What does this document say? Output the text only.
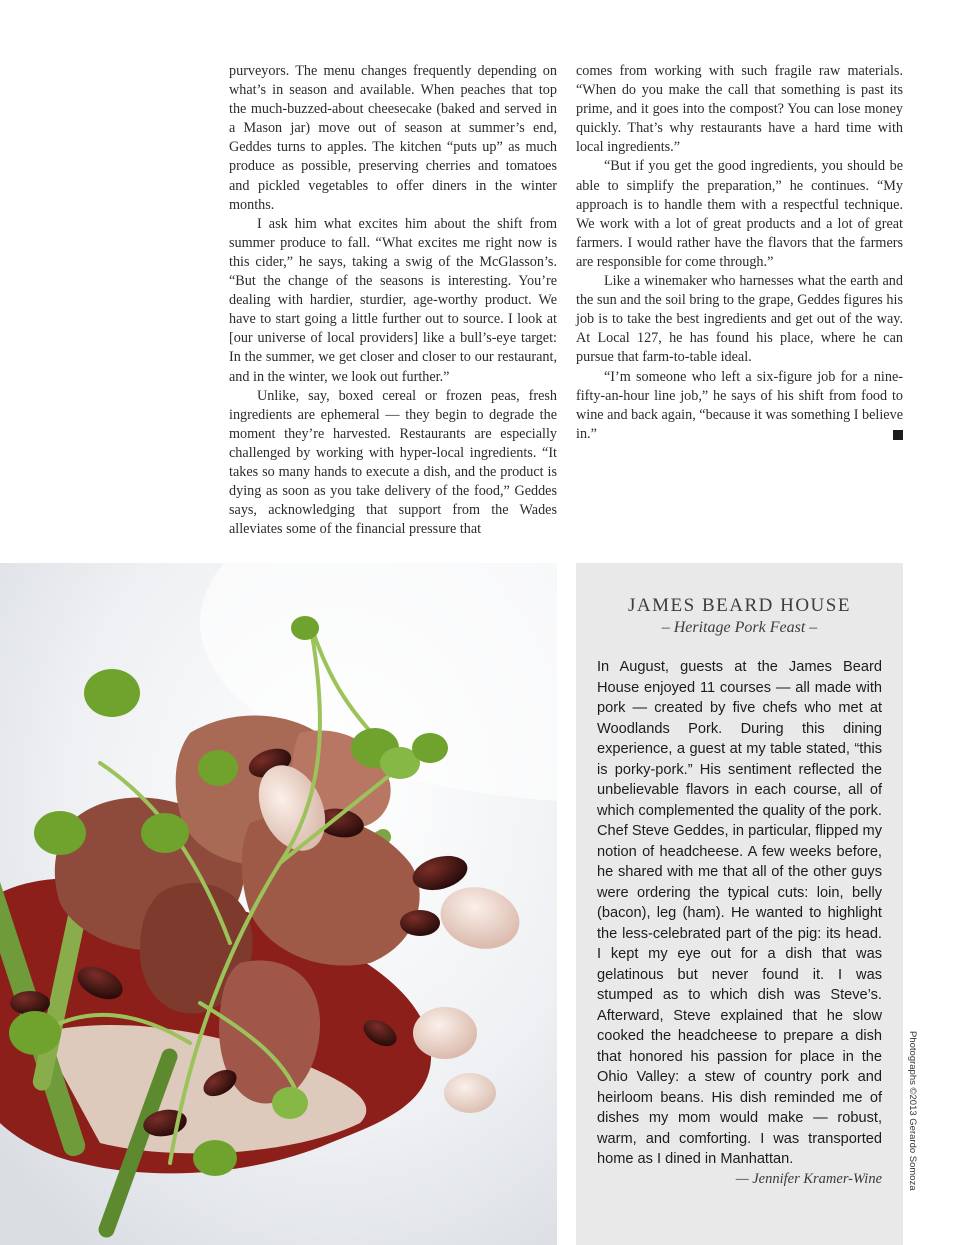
purveyors. The menu changes frequently depending on what’s in season and available. When peaches that top the much-buzzed-about cheesecake (baked and served in a Mason jar) move out of season at summer’s end, Geddes turns to apples. The kitchen “puts up” as much produce as possible, preserving cherries and tomatoes and pickled vegetables to offer diners in the winter months.

I ask him what excites him about the shift from summer produce to fall. “What excites me right now is this cider,” he says, taking a swig of the McGlasson’s. “But the change of the seasons is interesting. You’re dealing with hardier, sturdier, age-worthy product. We have to start going a little further out to source. I look at [our universe of local providers] like a bull’s-eye target: In the summer, we get closer and closer to our restaurant, and in the winter, we look out further.”

Unlike, say, boxed cereal or frozen peas, fresh ingredients are ephemeral — they begin to degrade the moment they’re harvested. Restaurants are especially challenged by working with hyper-local ingredients. “It takes so many hands to execute a dish, and the product is dying as soon as you take delivery of the food,” Geddes says, acknowledging that support from the Wades alleviates some of the financial pressure that

comes from working with such fragile raw materials. “When do you make the call that something is past its prime, and it goes into the compost? You can lose money quickly. That’s why restaurants have a hard time with local ingredients.”

“But if you get the good ingredients, you should be able to simplify the preparation,” he continues. “My approach is to handle them with a respectful technique. We work with a lot of great products and a lot of great farmers. I would rather have the flavors that the farmers are responsible for come through.”

Like a winemaker who harnesses what the earth and the sun and the soil bring to the grape, Geddes figures his job is to take the best ingredients and get out of the way. At Local 127, he has found his place, where he can pursue that farm-to-table ideal.

“I’m someone who left a six-figure job for a nine-fifty-an-hour line job,” he says of his shift from food to wine and back again, “because it was something I believe in.”

JAMES BEARD HOUSE
– Heritage Pork Feast –

In August, guests at the James Beard House enjoyed 11 courses — all made with pork — created by five chefs who met at Woodlands Pork. During this dining experience, a guest at my table stated, “this is porky-pork.” His sentiment reflected the unbelievable flavors in each course, all of which complemented the quality of the pork. Chef Steve Geddes, in particular, flipped my notion of headcheese. A few weeks before, he shared with me that all of the other guys were ordering the typical cuts: loin, belly (bacon), leg (ham). He wanted to highlight the less-celebrated part of the pig: its head. I kept my eye out for a dish that was gelatinous but never found it. I was stumped as to which dish was Steve’s. Afterward, Steve explained that he slow cooked the headcheese to prepare a dish that honored his passion for place in the Ohio Valley: a stew of country pork and heirloom beans. His dish reminded me of dishes my mom would make — robust, warm, and comforting. I was transported home as I dined in Manhattan.

— Jennifer Kramer-Wine	Photographs ©2013 Gerardo Somoza
